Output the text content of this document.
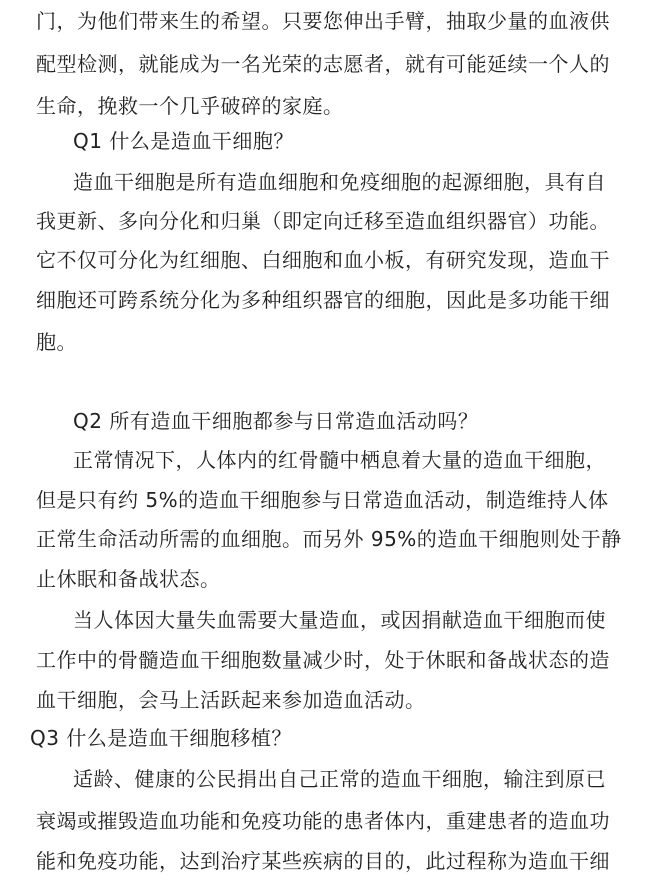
门，为他们带来生的希望。只要您伸出手臂，抽取少量的血液供
配型检测，就能成为一名光荣的志愿者，就有可能延续一个人的
生命，挽救一个几乎破碎的家庭。
Q1 什么是造血干细胞？
造血干细胞是所有造血细胞和免疫细胞的起源细胞，具有自
我更新、多向分化和归巢（即定向迁移至造血组织器官）功能。
它不仅可分化为红细胞、白细胞和血小板，有研究发现，造血干
细胞还可跨系统分化为多种组织器官的细胞，因此是多功能干细
胞。
Q2 所有造血干细胞都参与日常造血活动吗？
正常情况下，人体内的红骨髓中栖息着大量的造血干细胞，
但是只有约 5%的造血干细胞参与日常造血活动，制造维持人体
正常生命活动所需的血细胞。而另外 95%的造血干细胞则处于静
止休眠和备战状态。
当人体因大量失血需要大量造血，或因捐献造血干细胞而使
工作中的骨髓造血干细胞数量减少时，处于休眠和备战状态的造
血干细胞，会马上活跃起来参加造血活动。
Q3 什么是造血干细胞移植？
适龄、健康的公民捐出自己正常的造血干细胞，输注到原已
衰竭或摧毁造血功能和免疫功能的患者体内，重建患者的造血功
能和免疫功能，达到治疗某些疾病的目的，此过程称为造血干细
